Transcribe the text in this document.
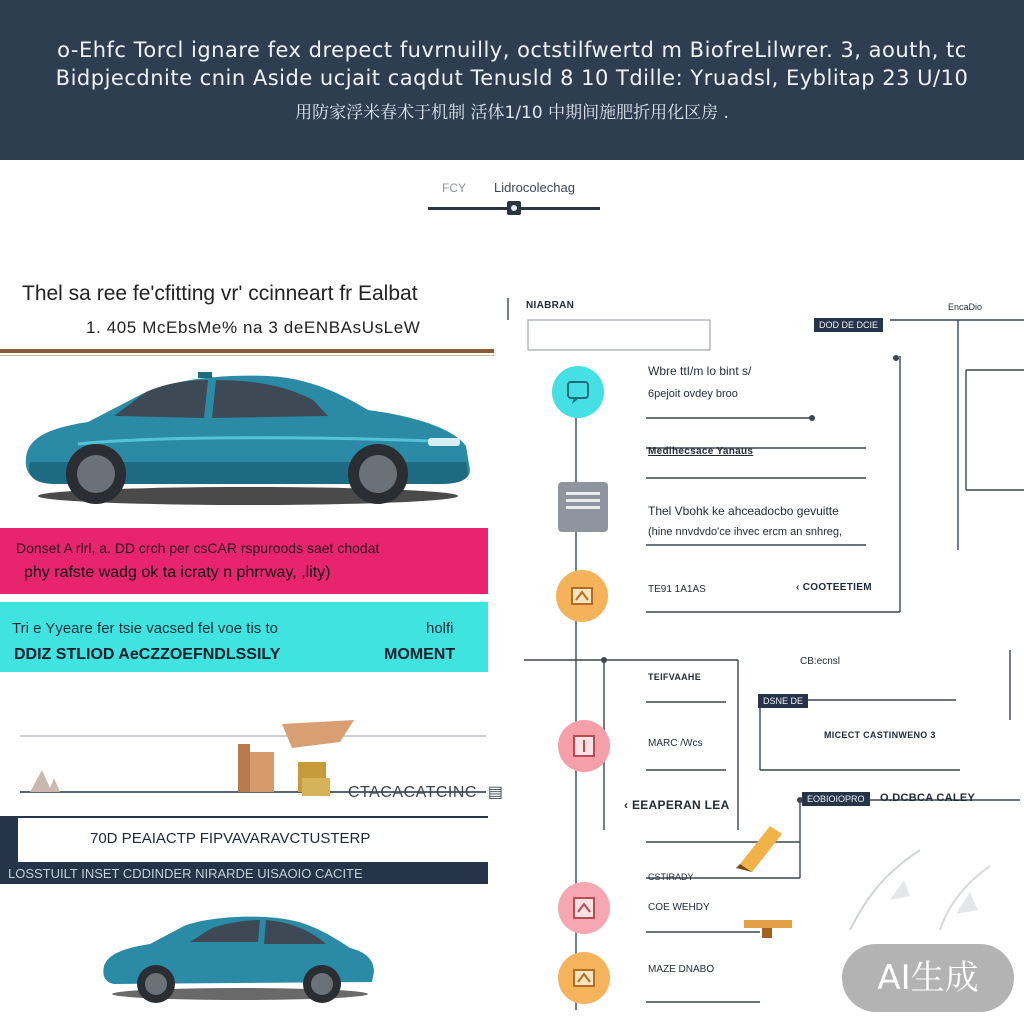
o-Ehfc Torcl ignare fex drepect fuvrnuilly, octstilfwertd m BiofreLilwrer. 3, aouth, tc
Bidpjecdnite cnin Aside ucjait caqdut Tenusld 8 10 Tdille: Yruadsl, Eyblitap 23 U/10
用防家浮米春术于机制 活体1/10 中期间施肥折用化区房 .
FCY Lidrocolechag
Thel sa ree fe'cfitting vr' ccinneart fr Ealbat
1. 405 McEbsMe% na 3 deENBAsUsLeW
Donset A rlrl, a. DD crch per csCAR rspuroods saet chodat
phy rafste wadg ok ta icraty n phrrway, ,lity)
Tri e Yyeare fer tsie vacsed fel voe tis to
DDIZ STLIOD AeCZZOEFNDLSSILY	MOMENT
holfi
CTACACATCINC ▤
70D PEAIACTP FIPVAVARAVCTUSTERP
LOSSTUILT INSET CDDINDER NIRARDE UISAOIO CACITE
NIABRAN
DOD DE DCIE
EncaDio
Wbre ttI/m lo bint s/
6pejoit ovdey broo
Medihecsace Yanaus
Thel Vbohk ke ahceadocbo gevuitte
(hine nnvdvdo'ce ihvec ercm an snhreg,
TE91 1A1AS	‹ COOTEETIEM
CB:ecnsl
TEIFVAAHE
DSNE DE
MARC /Wcs
MICECT CASTINWENO 3
‹ EEAPERAN LEA	EOBIOIOPRO	O.DCBCA CALEY
CSTIRADY
COE WEHDY
MAZE DNABO	AI生成
